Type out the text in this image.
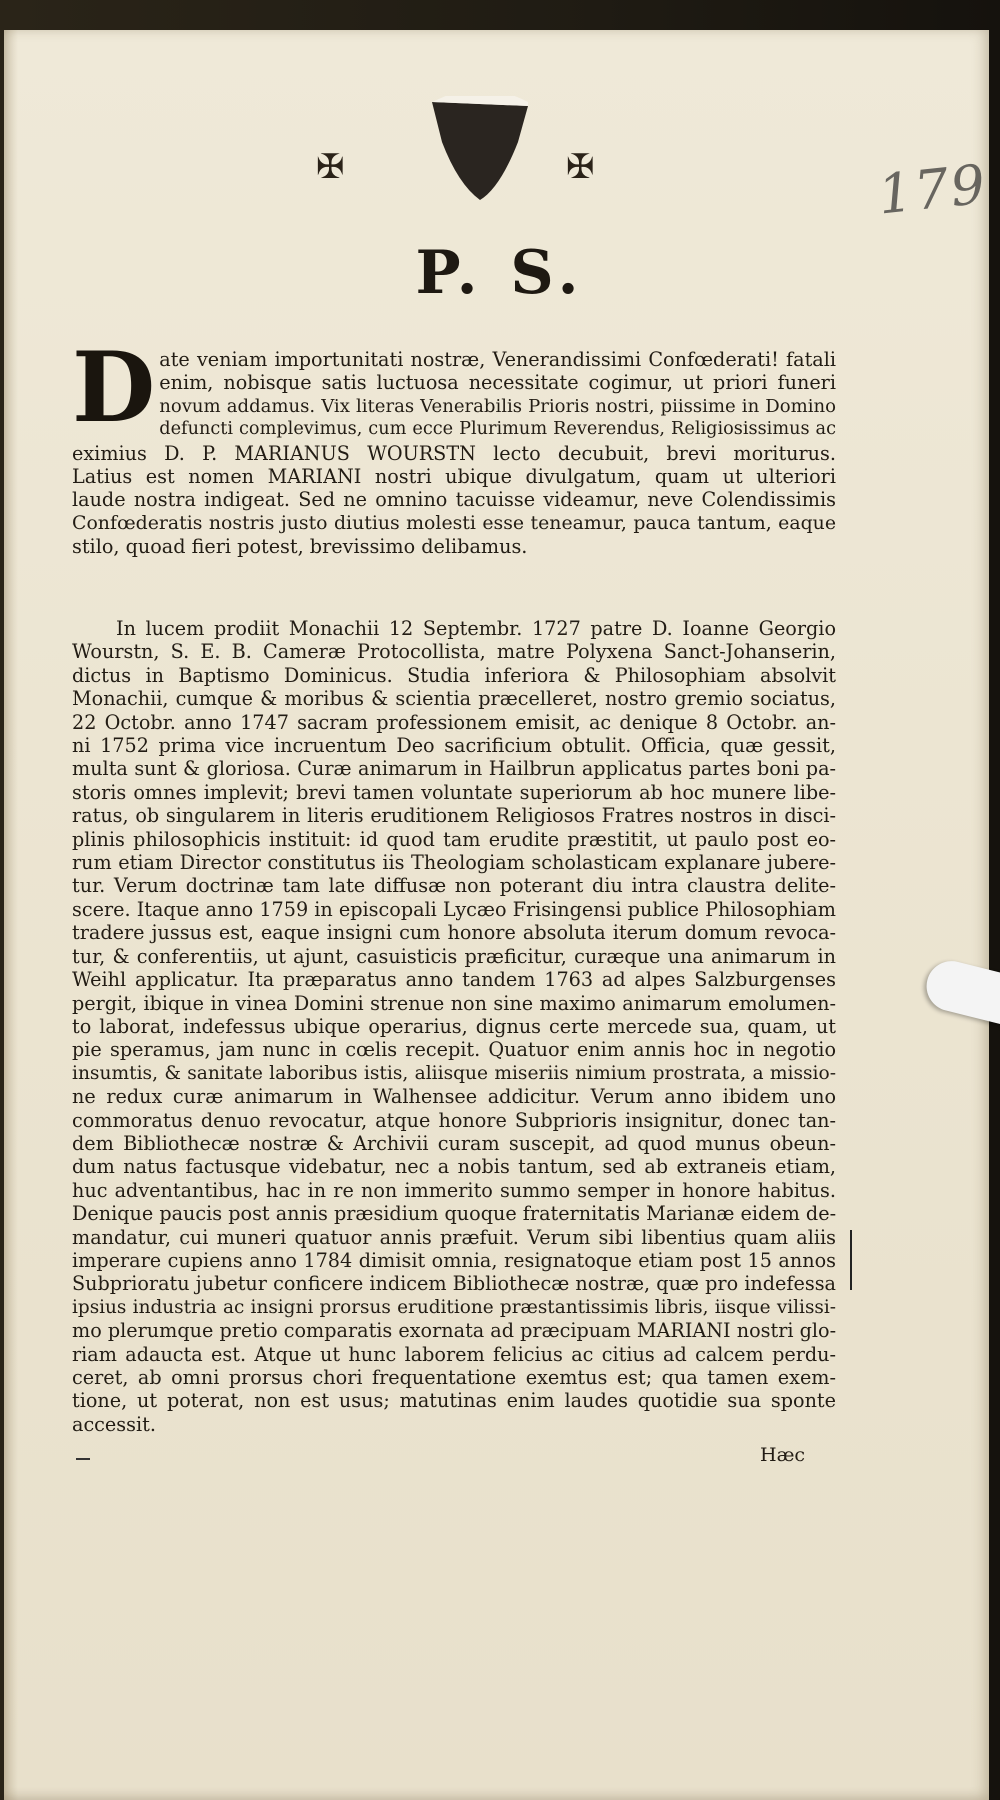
✠	✠	179
P. S.
D ate veniam importunitati nostræ, Venerandissimi Confœderati! fatali
enim, nobisque satis luctuosa necessitate cogimur, ut priori funeri
novum addamus. Vix literas Venerabilis Prioris nostri, piissime in Domino
defuncti complevimus, cum ecce Plurimum Reverendus, Religiosissimus ac
eximius D. P. MARIANUS WOURSTN lecto decubuit, brevi moriturus.
Latius est nomen MARIANI nostri ubique divulgatum, quam ut ulteriori
laude nostra indigeat. Sed ne omnino tacuisse videamur, neve Colendissimis
Confœderatis nostris justo diutius molesti esse teneamur, pauca tantum, eaque
stilo, quoad fieri potest, brevissimo delibamus.
In lucem prodiit Monachii 12 Septembr. 1727 patre D. Ioanne Georgio
Wourstn, S. E. B. Cameræ Protocollista, matre Polyxena Sanct-Johanserin,
dictus in Baptismo Dominicus. Studia inferiora & Philosophiam absolvit
Monachii, cumque & moribus & scientia præcelleret, nostro gremio sociatus,
22 Octobr. anno 1747 sacram professionem emisit, ac denique 8 Octobr. an-
ni 1752 prima vice incruentum Deo sacrificium obtulit. Officia, quæ gessit,
multa sunt & gloriosa. Curæ animarum in Hailbrun applicatus partes boni pa-
storis omnes implevit; brevi tamen voluntate superiorum ab hoc munere libe-
ratus, ob singularem in literis eruditionem Religiosos Fratres nostros in disci-
plinis philosophicis instituit: id quod tam erudite præstitit, ut paulo post eo-
rum etiam Director constitutus iis Theologiam scholasticam explanare jubere-
tur. Verum doctrinæ tam late diffusæ non poterant diu intra claustra delite-
scere. Itaque anno 1759 in episcopali Lycæo Frisingensi publice Philosophiam
tradere jussus est, eaque insigni cum honore absoluta iterum domum revoca-
tur, & conferentiis, ut ajunt, casuisticis præficitur, curæque una animarum in
Weihl applicatur. Ita præparatus anno tandem 1763 ad alpes Salzburgenses
pergit, ibique in vinea Domini strenue non sine maximo animarum emolumen-
to laborat, indefessus ubique operarius, dignus certe mercede sua, quam, ut
pie speramus, jam nunc in cœlis recepit. Quatuor enim annis hoc in negotio
insumtis, & sanitate laboribus istis, aliisque miseriis nimium prostrata, a missio-
ne redux curæ animarum in Walhensee addicitur. Verum anno ibidem uno
commoratus denuo revocatur, atque honore Subprioris insignitur, donec tan-
dem Bibliothecæ nostræ & Archivii curam suscepit, ad quod munus obeun-
dum natus factusque videbatur, nec a nobis tantum, sed ab extraneis etiam,
huc adventantibus, hac in re non immerito summo semper in honore habitus.
Denique paucis post annis præsidium quoque fraternitatis Marianæ eidem de-
mandatur, cui muneri quatuor annis præfuit. Verum sibi libentius quam aliis
imperare cupiens anno 1784 dimisit omnia, resignatoque etiam post 15 annos
Subprioratu jubetur conficere indicem Bibliothecæ nostræ, quæ pro indefessa
ipsius industria ac insigni prorsus eruditione præstantissimis libris, iisque vilissi-
mo plerumque pretio comparatis exornata ad præcipuam MARIANI nostri glo-
riam adaucta est. Atque ut hunc laborem felicius ac citius ad calcem perdu-
ceret, ab omni prorsus chori frequentatione exemtus est; qua tamen exem-
tione, ut poterat, non est usus; matutinas enim laudes quotidie sua sponte
accessit.
Hæc
